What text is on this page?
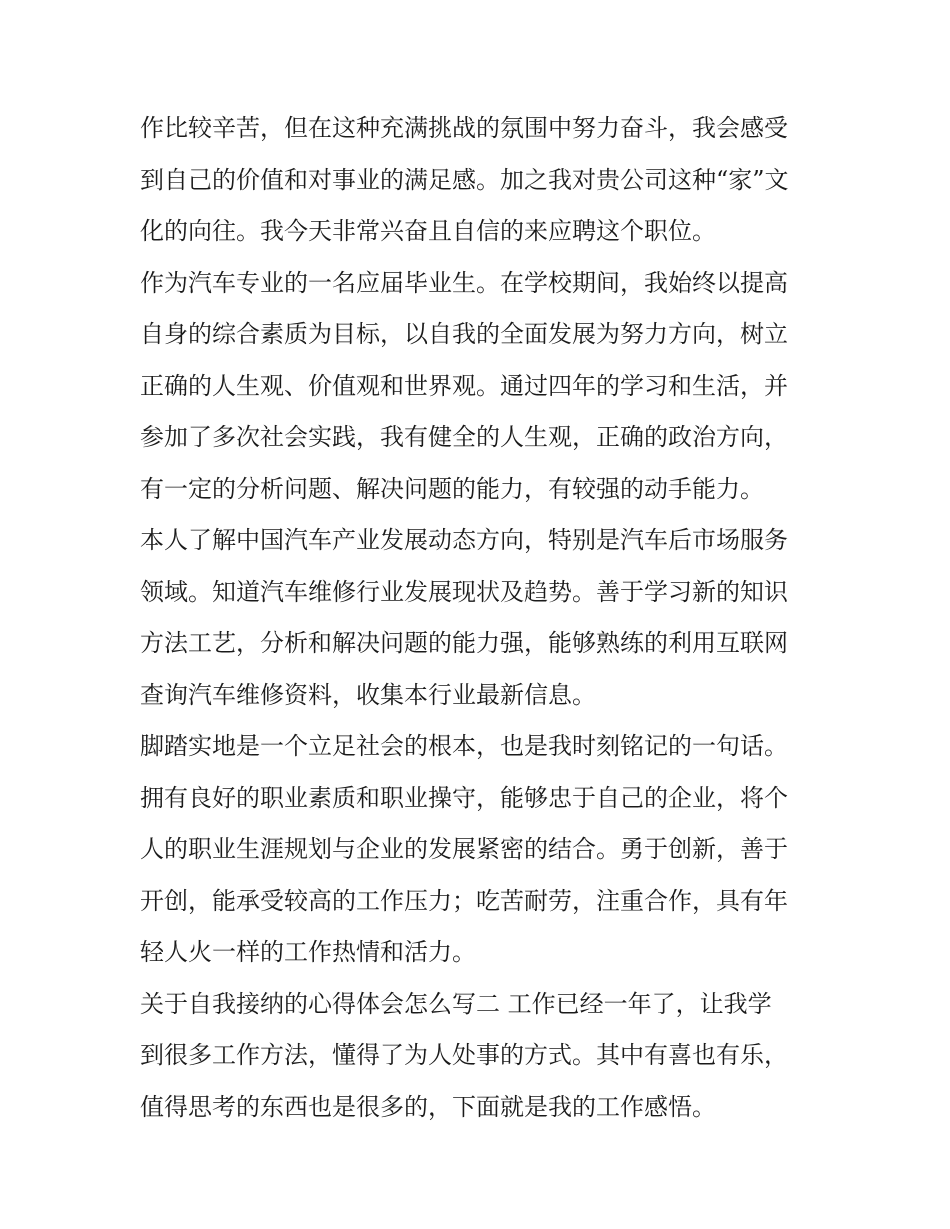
作比较辛苦，但在这种充满挑战的氛围中努力奋斗，我会感受
到自己的价值和对事业的满足感。加之我对贵公司这种“家”文
化的向往。我今天非常兴奋且自信的来应聘这个职位。
作为汽车专业的一名应届毕业生。在学校期间，我始终以提高
自身的综合素质为目标，以自我的全面发展为努力方向，树立
正确的人生观、价值观和世界观。通过四年的学习和生活，并
参加了多次社会实践，我有健全的人生观，正确的政治方向，
有一定的分析问题、解决问题的能力，有较强的动手能力。
本人了解中国汽车产业发展动态方向，特别是汽车后市场服务
领域。知道汽车维修行业发展现状及趋势。善于学习新的知识
方法工艺，分析和解决问题的能力强，能够熟练的利用互联网
查询汽车维修资料，收集本行业最新信息。
脚踏实地是一个立足社会的根本，也是我时刻铭记的一句话。
拥有良好的职业素质和职业操守，能够忠于自己的企业，将个
人的职业生涯规划与企业的发展紧密的结合。勇于创新，善于
开创，能承受较高的工作压力；吃苦耐劳，注重合作，具有年
轻人火一样的工作热情和活力。
关于自我接纳的心得体会怎么写二 工作已经一年了，让我学
到很多工作方法，懂得了为人处事的方式。其中有喜也有乐，
值得思考的东西也是很多的，下面就是我的工作感悟。
